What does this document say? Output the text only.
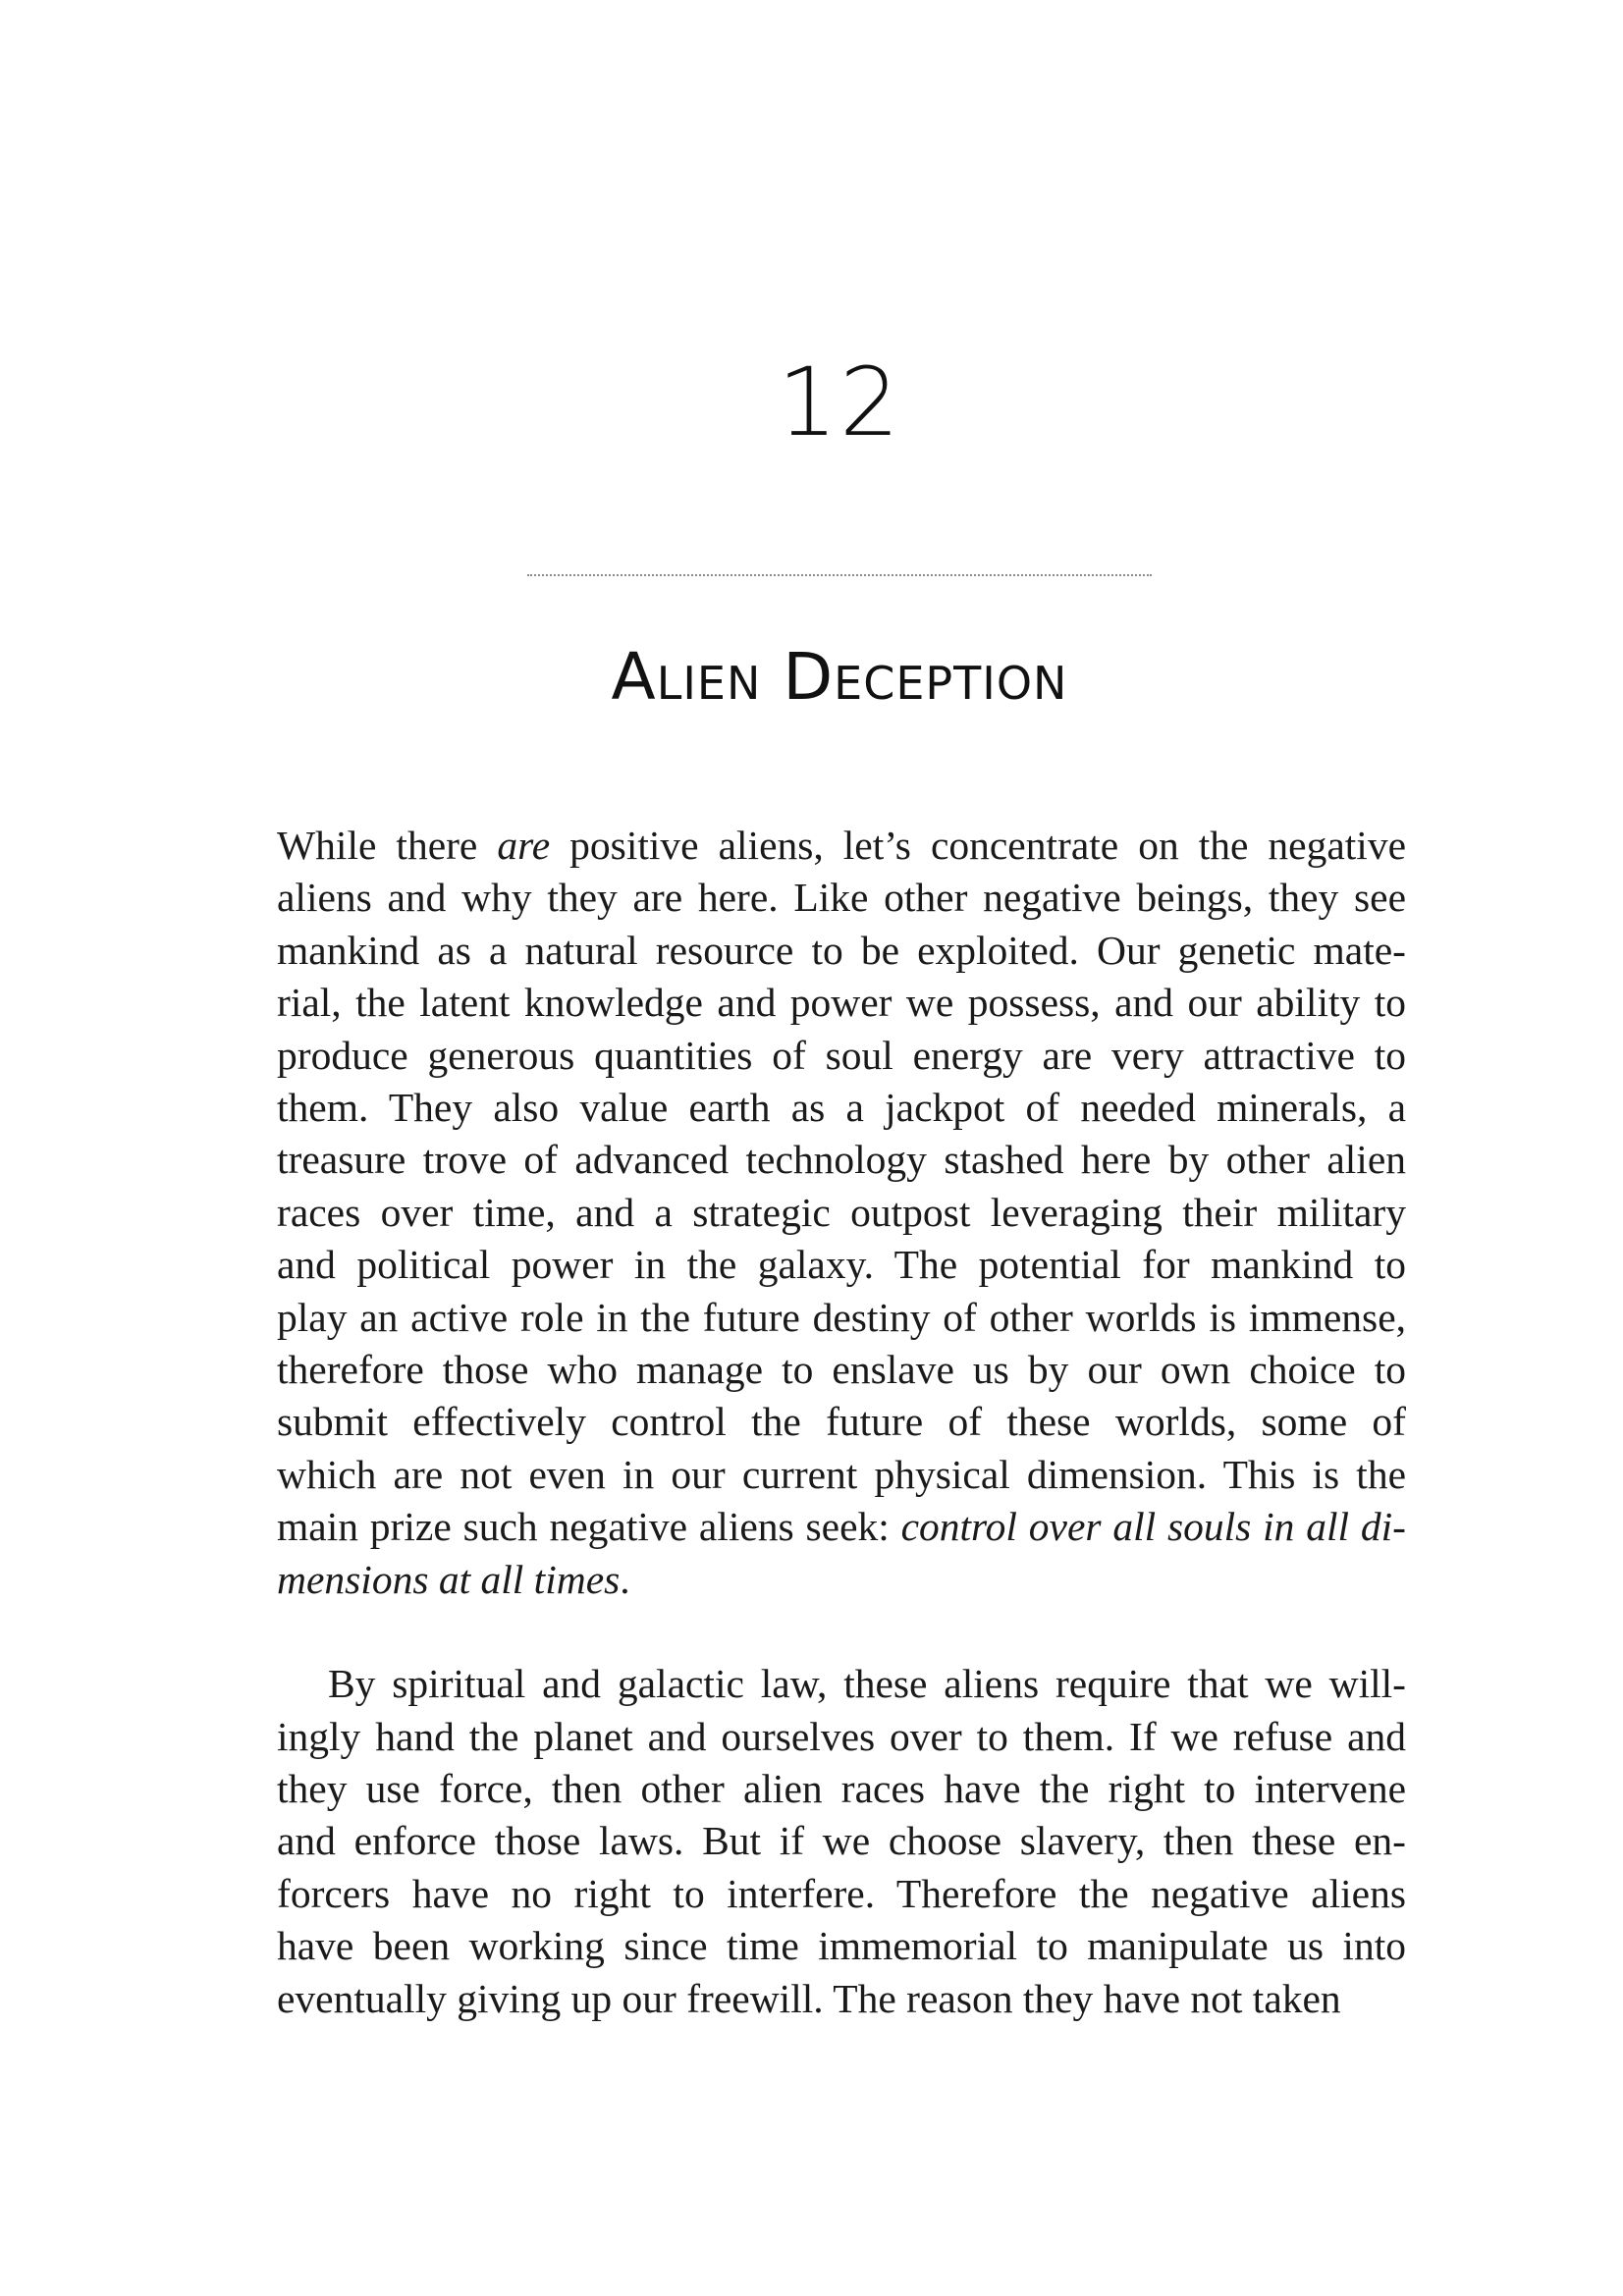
12
Alien Deception

While there are positive aliens, let’s concentrate on the negative
aliens and why they are here. Like other negative beings, they see
mankind as a natural resource to be exploited. Our genetic mate-
rial, the latent knowledge and power we possess, and our ability to
produce generous quantities of soul energy are very attractive to
them. They also value earth as a jackpot of needed minerals, a
treasure trove of advanced technology stashed here by other alien
races over time, and a strategic outpost leveraging their military
and political power in the galaxy. The potential for mankind to
play an active role in the future destiny of other worlds is immense,
therefore those who manage to enslave us by our own choice to
submit effectively control the future of these worlds, some of
which are not even in our current physical dimension. This is the
main prize such negative aliens seek: control over all souls in all di-
mensions at all times.

By spiritual and galactic law, these aliens require that we will-
ingly hand the planet and ourselves over to them. If we refuse and
they use force, then other alien races have the right to intervene
and enforce those laws. But if we choose slavery, then these en-
forcers have no right to interfere. Therefore the negative aliens
have been working since time immemorial to manipulate us into
eventually giving up our freewill. The reason they have not taken
